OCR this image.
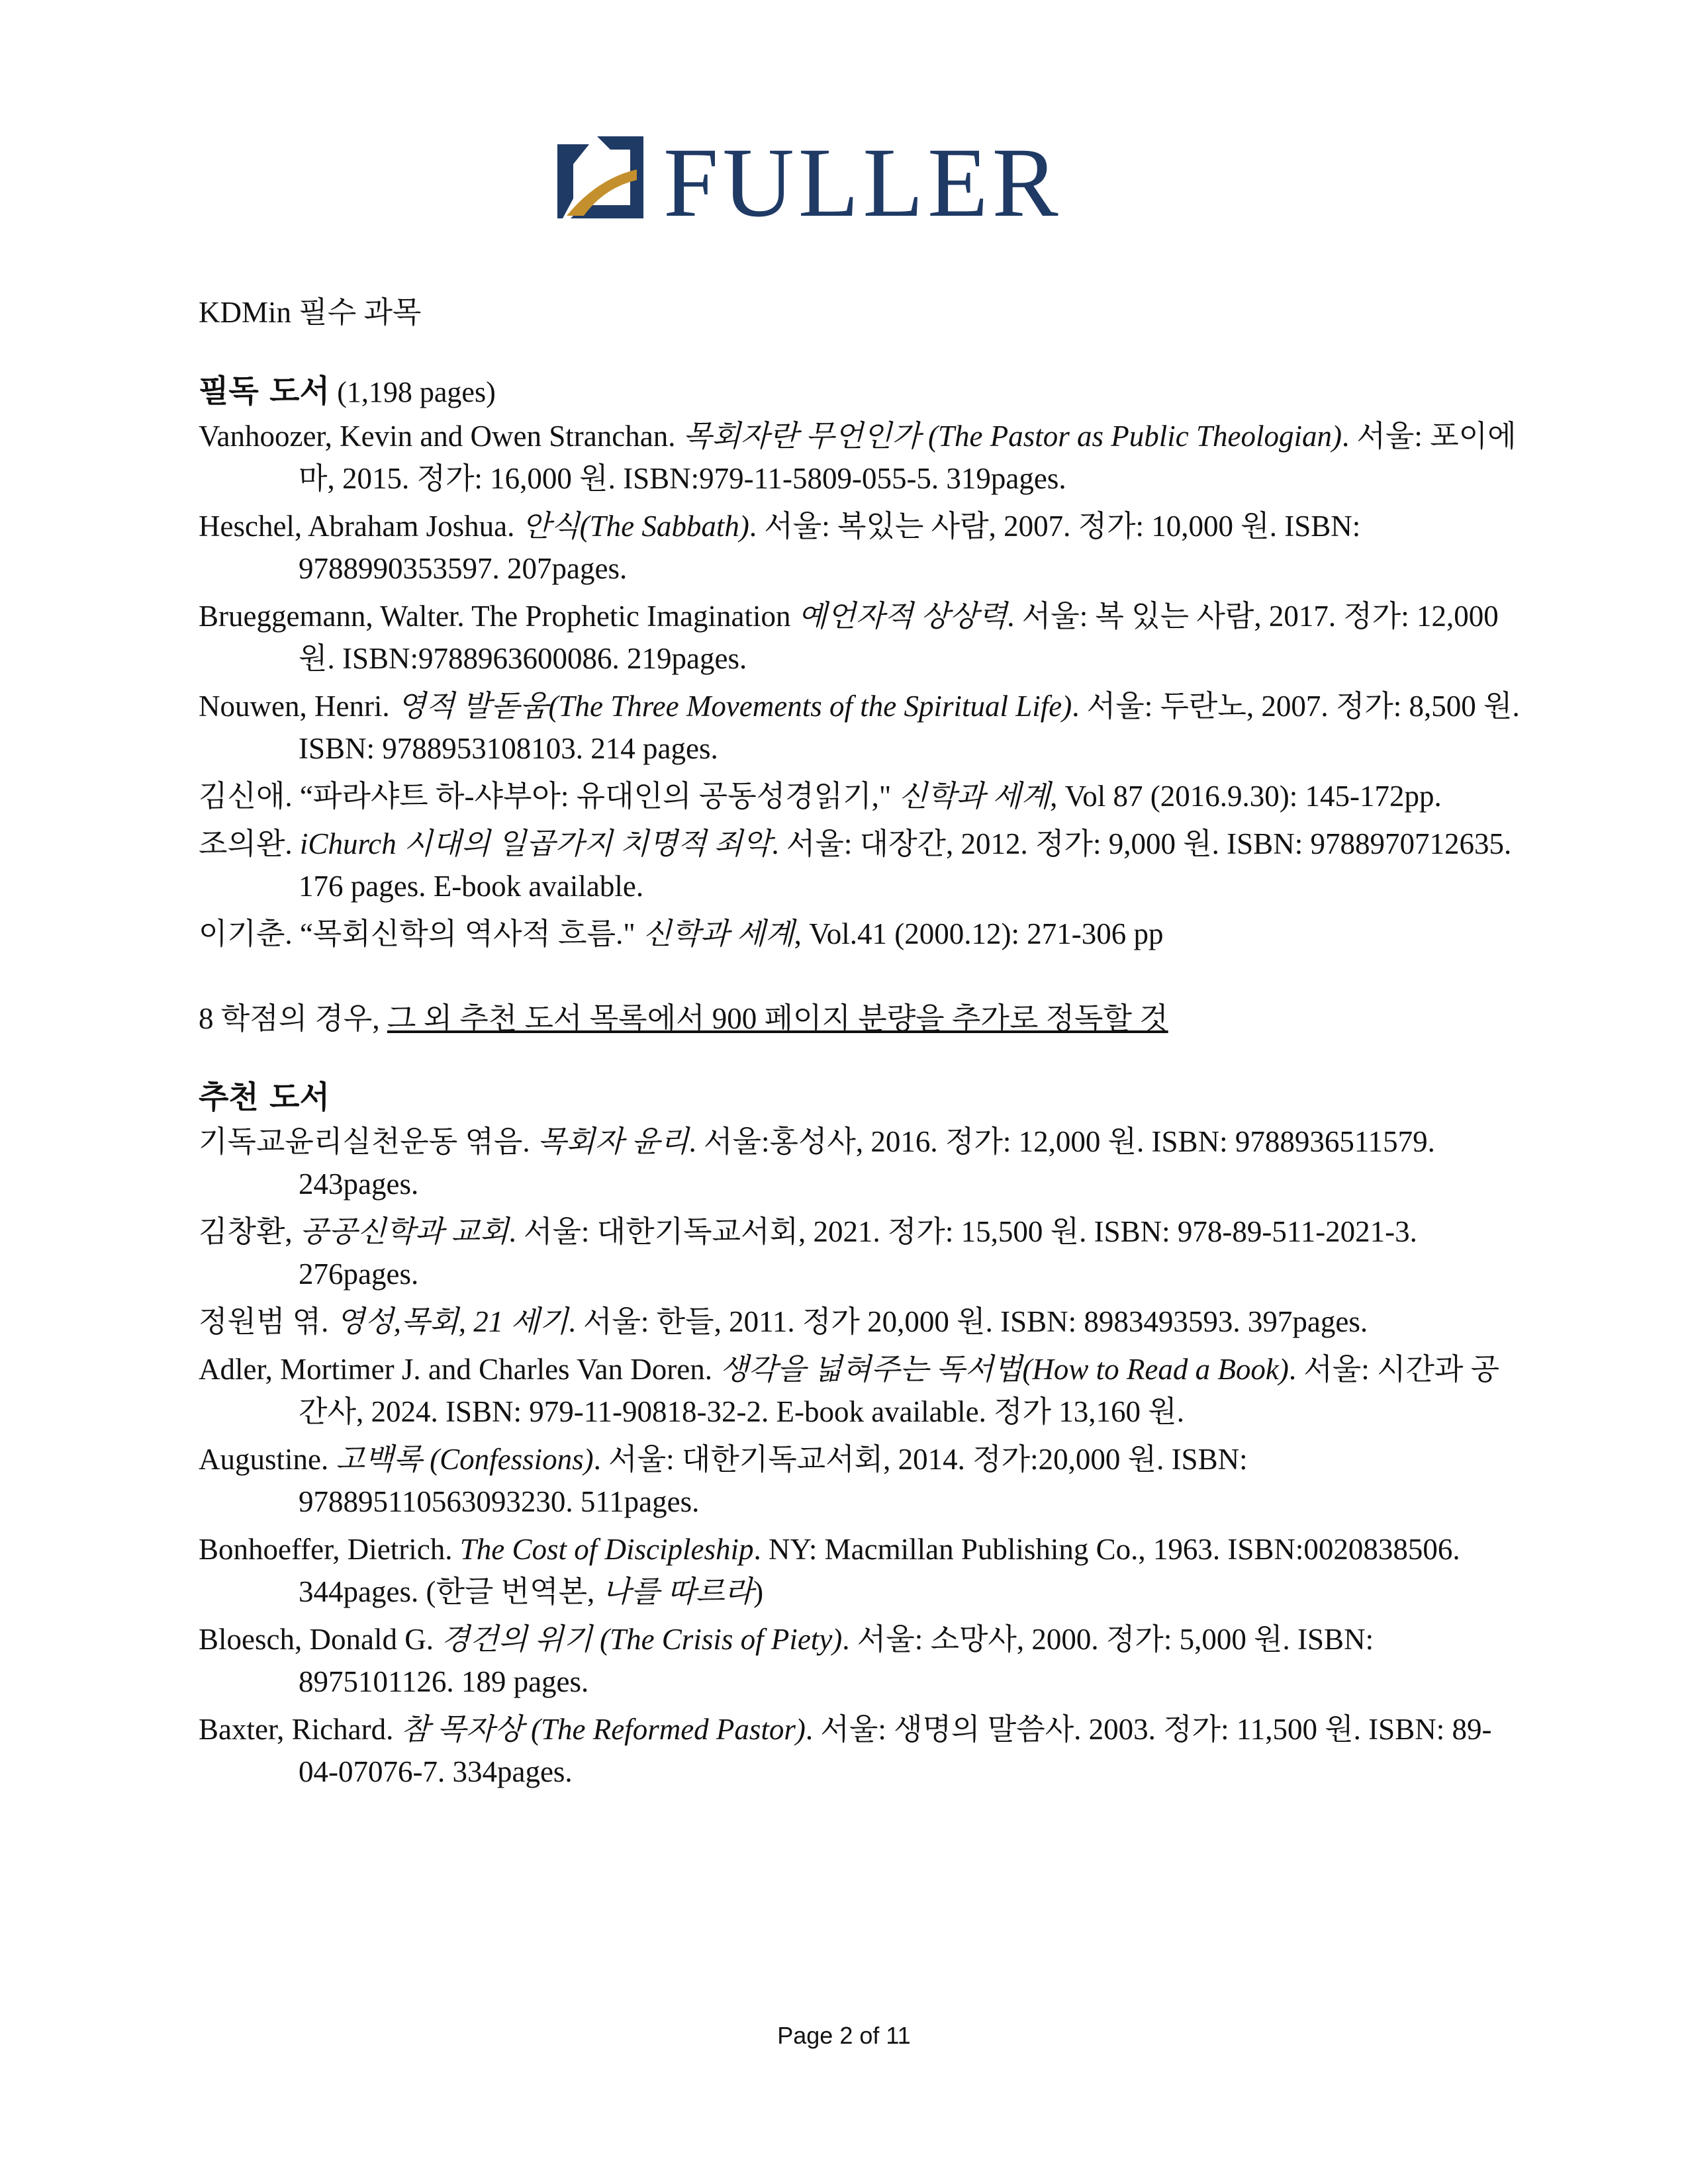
FULLER

KDMin 필수 과목

필독 도서 (1,198 pages)

Vanhoozer, Kevin and Owen Stranchan. 목회자란 무언인가 (The Pastor as Public Theologian). 서울: 포이에마, 2015. 정가: 16,000 원. ISBN:979-11-5809-055-5. 319pages.

Heschel, Abraham Joshua. 안식(The Sabbath). 서울: 복있는 사람, 2007. 정가: 10,000 원. ISBN: 9788990353597. 207pages.

Brueggemann, Walter. The Prophetic Imagination 예언자적 상상력. 서울: 복 있는 사람, 2017. 정가: 12,000 원. ISBN:9788963600086. 219pages.

Nouwen, Henri. 영적 발돋움(The Three Movements of the Spiritual Life). 서울: 두란노, 2007. 정가: 8,500 원. ISBN: 9788953108103. 214 pages.

김신애. “파라샤트 하-샤부아: 유대인의 공동성경읽기," 신학과 세계, Vol 87 (2016.9.30): 145-172pp.

조의완. iChurch 시대의 일곱가지 치명적 죄악. 서울: 대장간, 2012. 정가: 9,000 원. ISBN: 9788970712635. 176 pages. E-book available.

이기춘. “목회신학의 역사적 흐름." 신학과 세계, Vol.41 (2000.12): 271-306 pp

8 학점의 경우, 그 외 추천 도서 목록에서 900 페이지 분량을 추가로 정독할 것

추천 도서

기독교윤리실천운동 엮음. 목회자 윤리. 서울:홍성사, 2016. 정가: 12,000 원. ISBN: 9788936511579. 243pages.

김창환, 공공신학과 교회. 서울: 대한기독교서회, 2021. 정가: 15,500 원. ISBN: 978-89-511-2021-3. 276pages.

정원범 엮. 영성,목회, 21 세기. 서울: 한들, 2011. 정가 20,000 원. ISBN: 8983493593. 397pages.

Adler, Mortimer J. and Charles Van Doren. 생각을 넓혀주는 독서법(How to Read a Book). 서울: 시간과 공간사, 2024. ISBN: 979-11-90818-32-2. E-book available. 정가 13,160 원.

Augustine. 고백록 (Confessions). 서울: 대한기독교서회, 2014. 정가:20,000 원. ISBN: 978895110563093230. 511pages.

Bonhoeffer, Dietrich. The Cost of Discipleship. NY: Macmillan Publishing Co., 1963. ISBN:0020838506. 344pages. (한글 번역본, 나를 따르라)

Bloesch, Donald G. 경건의 위기 (The Crisis of Piety). 서울: 소망사, 2000. 정가: 5,000 원. ISBN: 8975101126. 189 pages.

Baxter, Richard. 참 목자상 (The Reformed Pastor). 서울: 생명의 말씀사. 2003. 정가: 11,500 원. ISBN: 89-04-07076-7. 334pages.

Page 2 of 11
